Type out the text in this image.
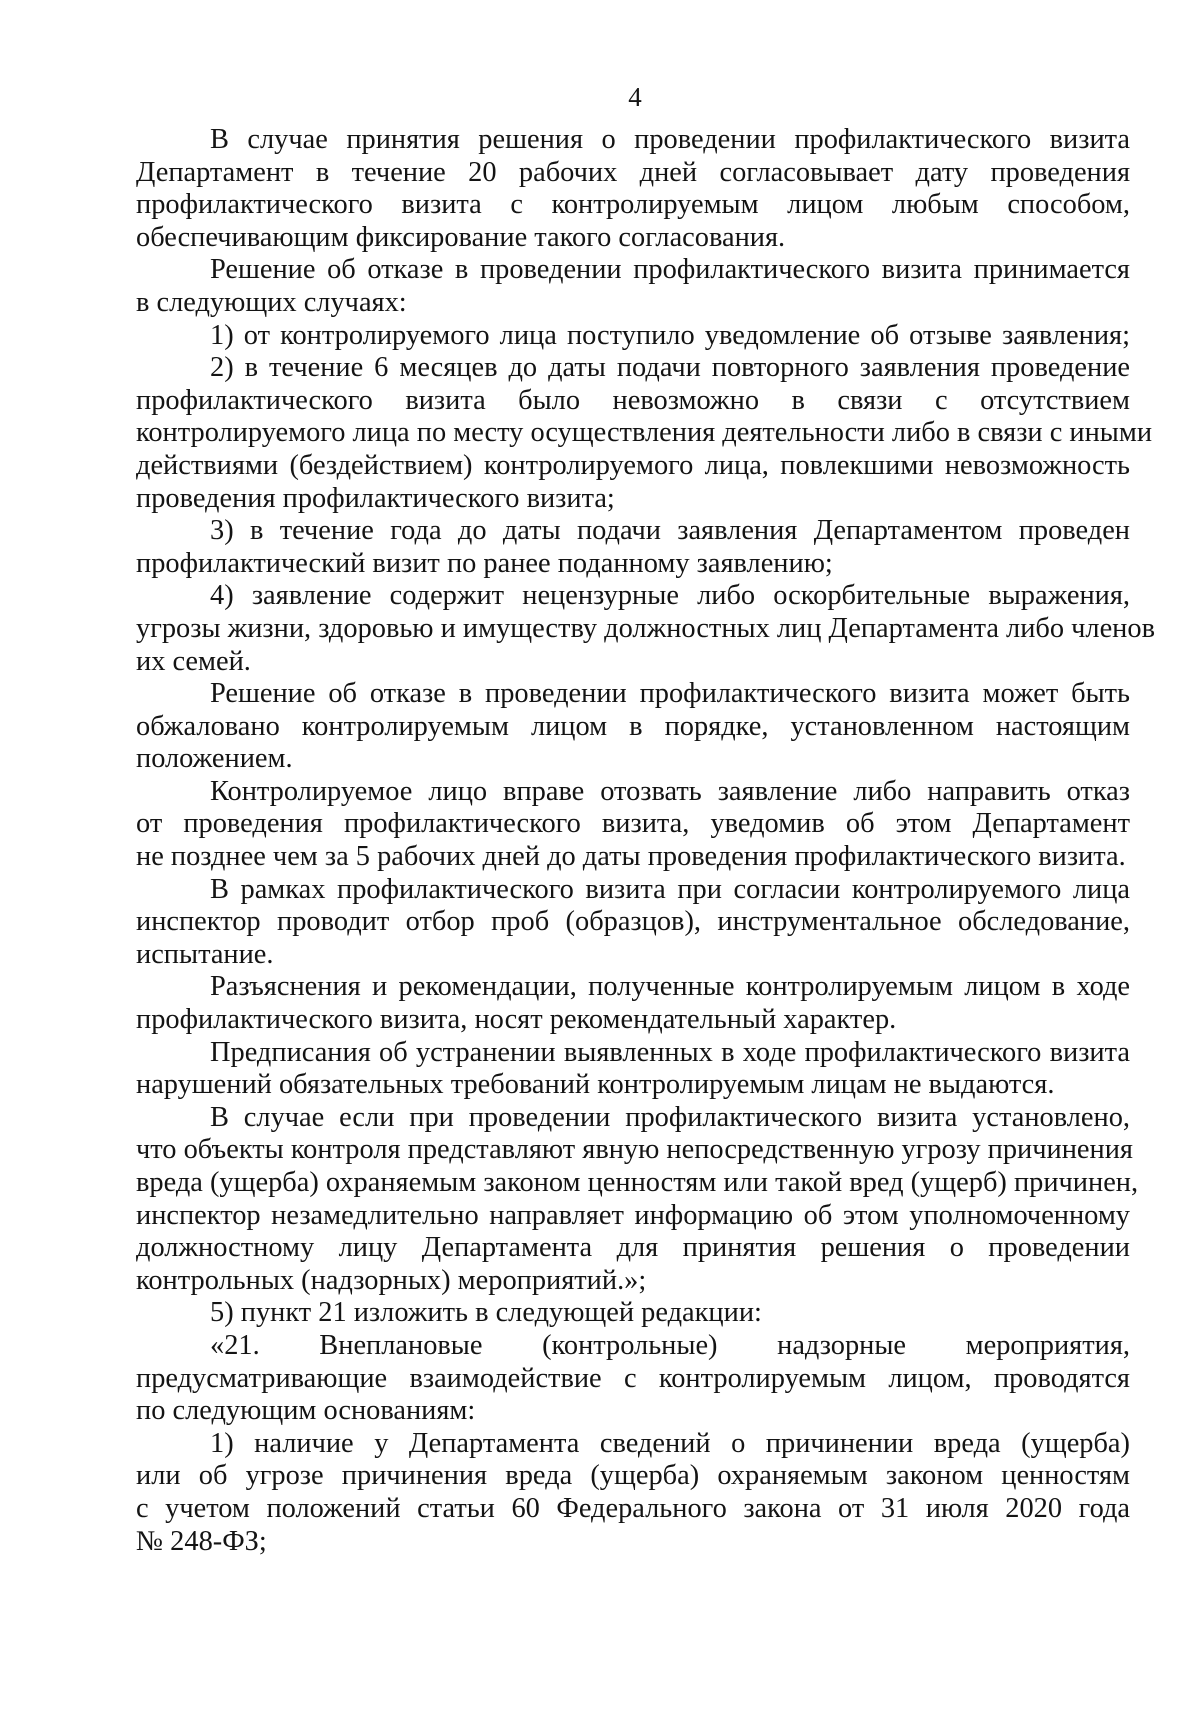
4
В случае принятия решения о проведении профилактического визита
Департамент в течение 20 рабочих дней согласовывает дату проведения
профилактического визита с контролируемым лицом любым способом,
обеспечивающим фиксирование такого согласования.
Решение об отказе в проведении профилактического визита принимается
в следующих случаях:
1) от контролируемого лица поступило уведомление об отзыве заявления;
2) в течение 6 месяцев до даты подачи повторного заявления проведение
профилактического визита было невозможно в связи с отсутствием
контролируемого лица по месту осуществления деятельности либо в связи с иными
действиями (бездействием) контролируемого лица, повлекшими невозможность
проведения профилактического визита;
3) в течение года до даты подачи заявления Департаментом проведен
профилактический визит по ранее поданному заявлению;
4) заявление содержит нецензурные либо оскорбительные выражения,
угрозы жизни, здоровью и имуществу должностных лиц Департамента либо членов
их семей.
Решение об отказе в проведении профилактического визита может быть
обжаловано контролируемым лицом в порядке, установленном настоящим
положением.
Контролируемое лицо вправе отозвать заявление либо направить отказ
от проведения профилактического визита, уведомив об этом Департамент
не позднее чем за 5 рабочих дней до даты проведения профилактического визита.
В рамках профилактического визита при согласии контролируемого лица
инспектор проводит отбор проб (образцов), инструментальное обследование,
испытание.
Разъяснения и рекомендации, полученные контролируемым лицом в ходе
профилактического визита, носят рекомендательный характер.
Предписания об устранении выявленных в ходе профилактического визита
нарушений обязательных требований контролируемым лицам не выдаются.
В случае если при проведении профилактического визита установлено,
что объекты контроля представляют явную непосредственную угрозу причинения
вреда (ущерба) охраняемым законом ценностям или такой вред (ущерб) причинен,
инспектор незамедлительно направляет информацию об этом уполномоченному
должностному лицу Департамента для принятия решения о проведении
контрольных (надзорных) мероприятий.»;
5) пункт 21 изложить в следующей редакции:
«21. Внеплановые (контрольные) надзорные мероприятия,
предусматривающие взаимодействие с контролируемым лицом, проводятся
по следующим основаниям:
1) наличие у Департамента сведений о причинении вреда (ущерба)
или об угрозе причинения вреда (ущерба) охраняемым законом ценностям
с учетом положений статьи 60 Федерального закона от 31 июля 2020 года
№ 248-ФЗ;
